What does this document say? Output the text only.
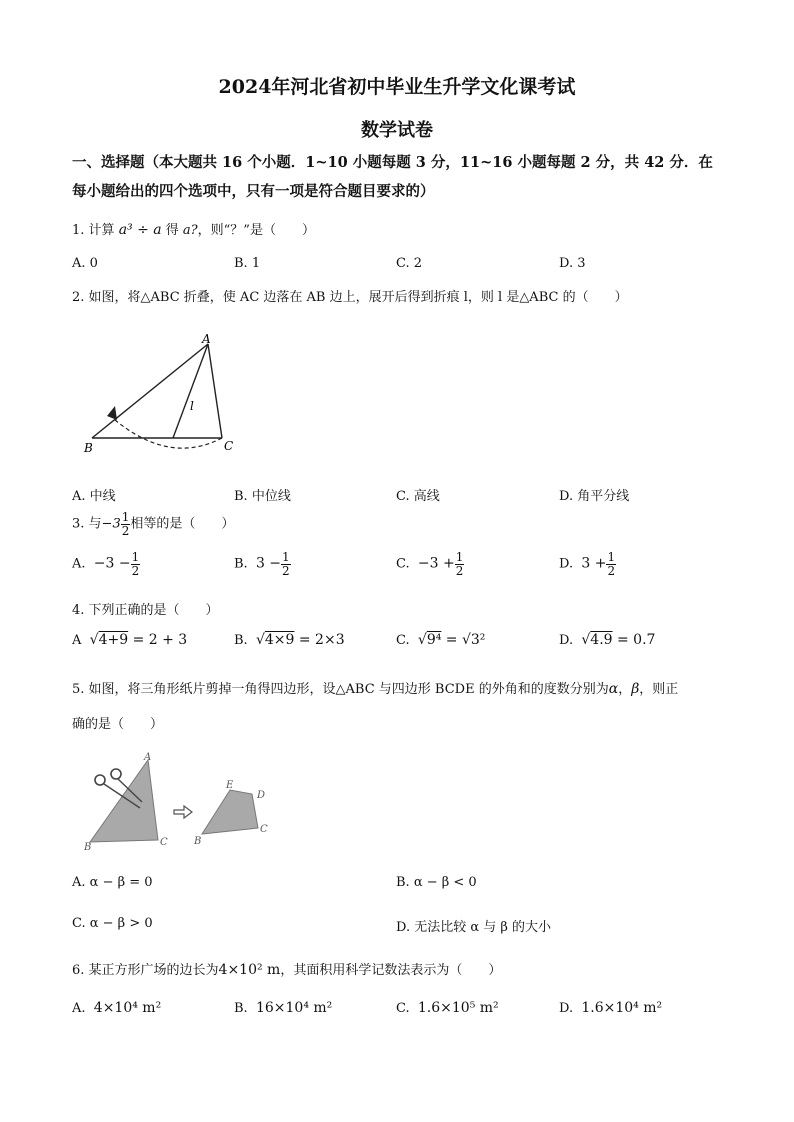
2024年河北省初中毕业生升学文化课考试
数学试卷
一、选择题（本大题共 16 个小题．1~10 小题每题 3 分，11~16 小题每题 2 分，共 42 分．在
每小题给出的四个选项中，只有一项是符合题目要求的）
1. 计算 a³ ÷ a 得 a?，则“？”是（　　）
A. 0	B. 1	C. 2	D. 3
2. 如图，将△ABC 折叠，使 AC 边落在 AB 边上，展开后得到折痕 l，则 l 是△ABC 的（　　）
A
B	C
l
A. 中线	B. 中位线	C. 高线	D. 角平分线
3. 与$-3 \frac{1}{2}$ 相等的是（　　）
A. $-3 - \frac{1}{2}$	B. $3 - \frac{1}{2}$	C. $-3 + \frac{1}{2}$	D. $3 + \frac{1}{2}$
4. 下列正确的是（　　）
A √4+9 = 2 + 3	B. √4×9 = 2×3	C. √9⁴ = √3²	D. √4.9 = 0.7
5. 如图，将三角形纸片剪掉一角得四边形，设△ABC 与四边形 BCDE 的外角和的度数分别为α，β，则正
确的是（　　）
A
B	C
E
D
B
C
A. α − β = 0	B. α − β < 0
C. α − β > 0	D. 无法比较 α 与 β 的大小
6. 某正方形广场的边长为4×10² m，其面积用科学记数法表示为（　　）
A. 4×10⁴ m²	B. 16×10⁴ m²	C. 1.6×10⁵ m²	D. 1.6×10⁴ m²
